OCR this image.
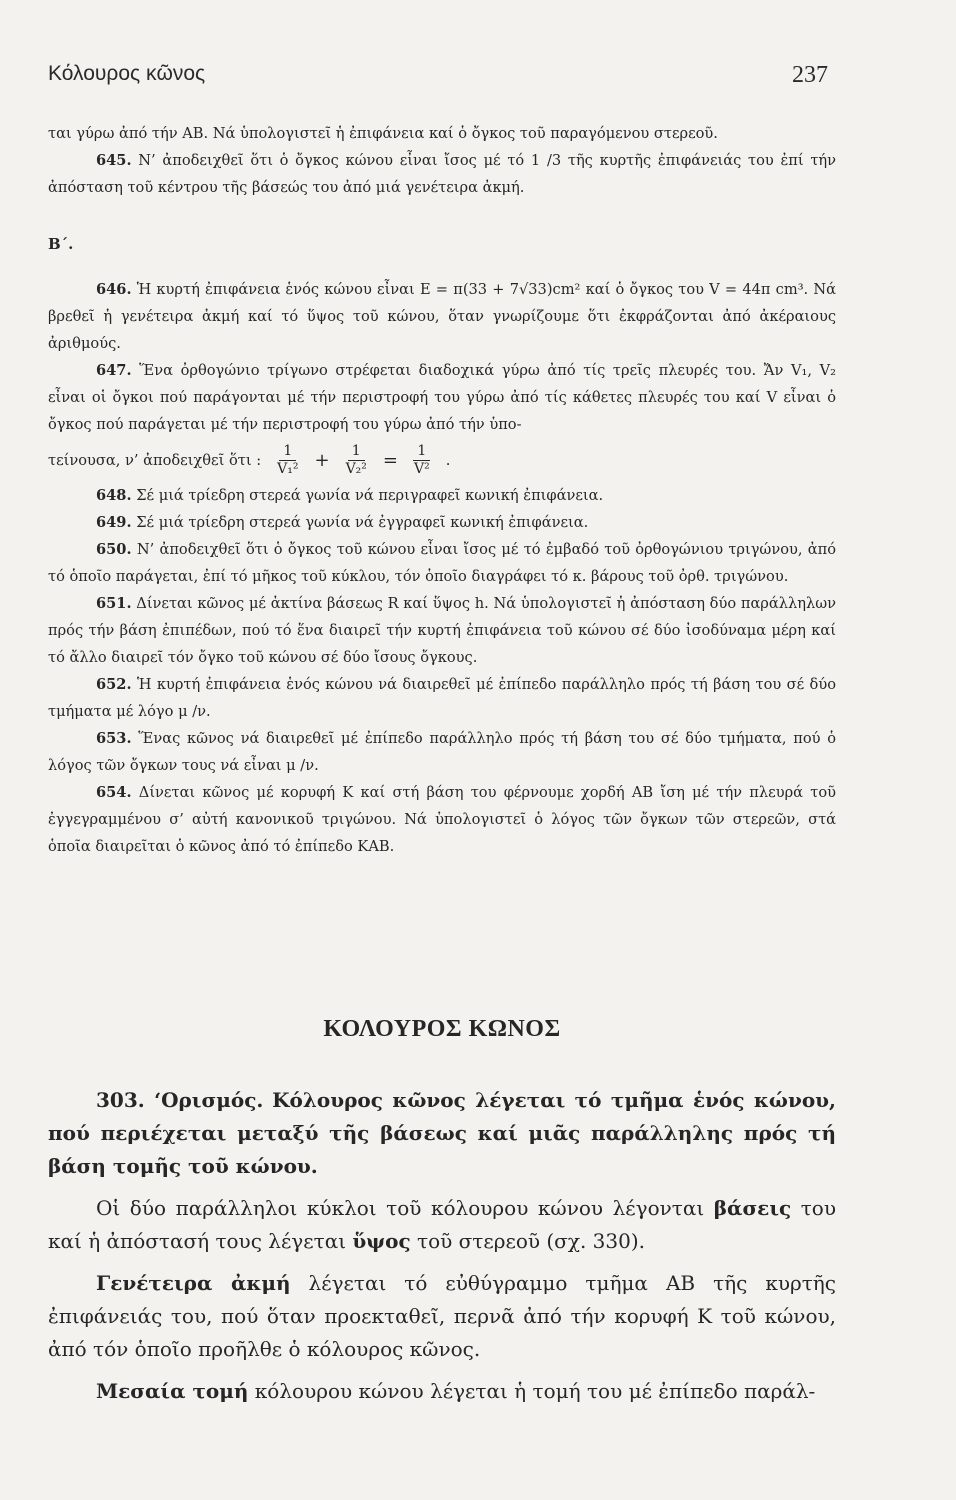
Κόλουρος κῶνος	237

ται γύρω ἀπό τήν ΑΒ. Νά ὑπολογιστεῖ ἡ ἐπιφάνεια καί ὁ ὄγκος τοῦ παραγόμενου στερεοῦ.

645. Ν’ ἀποδειχθεῖ ὅτι ὁ ὄγκος κώνου εἶναι ἴσος μέ τό 1 /3 τῆς κυρτῆς ἐπιφάνειάς του ἐπί τήν ἀπόσταση τοῦ κέντρου τῆς βάσεώς του ἀπό μιά γενέτειρα ἀκμή.

Β΄.

646. Ἡ κυρτή ἐπιφάνεια ἑνός κώνου εἶναι Ε = π(33 + 7√33)cm² καί ὁ ὄγκος του V = 44π cm³. Νά βρεθεῖ ἡ γενέτειρα ἀκμή καί τό ὕψος τοῦ κώνου, ὅταν γνωρίζουμε ὅτι ἐκφράζονται ἀπό ἀκέραιους ἀριθμούς.

647. Ἕνα ὀρθογώνιο τρίγωνο στρέφεται διαδοχικά γύρω ἀπό τίς τρεῖς πλευρές του. Ἄν V₁, V₂ εἶναι οἱ ὄγκοι πού παράγονται μέ τήν περιστροφή του γύρω ἀπό τίς κάθετες πλευρές του καί V εἶναι ὁ ὄγκος πού παράγεται μέ τήν περιστροφή του γύρω ἀπό τήν ὑπο-

τείνουσα, ν’ ἀποδειχθεῖ ὅτι : $\frac{1}{\text{V₁²}} + \frac{1}{\text{V₂²}} = \frac{1}{\text{V²}}$ .

648. Σέ μιά τρίεδρη στερεά γωνία νά περιγραφεῖ κωνική ἐπιφάνεια.

649. Σέ μιά τρίεδρη στερεά γωνία νά ἐγγραφεῖ κωνική ἐπιφάνεια.

650. Ν’ ἀποδειχθεῖ ὅτι ὁ ὄγκος τοῦ κώνου εἶναι ἴσος μέ τό ἐμβαδό τοῦ ὀρθογώνιου τριγώνου, ἀπό τό ὁποῖο παράγεται, ἐπί τό μῆκος τοῦ κύκλου, τόν ὁποῖο διαγράφει τό κ. βάρους τοῦ ὀρθ. τριγώνου.

651. Δίνεται κῶνος μέ ἀκτίνα βάσεως R καί ὕψος h. Νά ὑπολογιστεῖ ἡ ἀπόσταση δύο παράλληλων πρός τήν βάση ἐπιπέδων, πού τό ἕνα διαιρεῖ τήν κυρτή ἐπιφάνεια τοῦ κώνου σέ δύο ἰσοδύναμα μέρη καί τό ἄλλο διαιρεῖ τόν ὄγκο τοῦ κώνου σέ δύο ἴσους ὄγκους.

652. Ἡ κυρτή ἐπιφάνεια ἑνός κώνου νά διαιρεθεῖ μέ ἐπίπεδο παράλληλο πρός τή βάση του σέ δύο τμήματα μέ λόγο μ /ν.

653. Ἕνας κῶνος νά διαιρεθεῖ μέ ἐπίπεδο παράλληλο πρός τή βάση του σέ δύο τμήματα, πού ὁ λόγος τῶν ὄγκων τους νά εἶναι μ /ν.

654. Δίνεται κῶνος μέ κορυφή Κ καί στή βάση του φέρνουμε χορδή ΑΒ ἴση μέ τήν πλευρά τοῦ ἐγγεγραμμένου σ’ αὐτή κανονικοῦ τριγώνου. Νά ὑπολογιστεῖ ὁ λόγος τῶν ὄγκων τῶν στερεῶν, στά ὁποῖα διαιρεῖται ὁ κῶνος ἀπό τό ἐπίπεδο ΚΑΒ.

ΚΟΛΟΥΡΟΣ ΚΩΝΟΣ

303. ‘Ορισμός. Κόλουρος κῶνος λέγεται τό τμῆμα ἑνός κώνου, πού περιέχεται μεταξύ τῆς βάσεως καί μιᾶς παράλληλης πρός τή βάση τομῆς τοῦ κώνου.

Οἱ δύο παράλληλοι κύκλοι τοῦ κόλουρου κώνου λέγονται βάσεις του καί ἡ ἀπόστασή τους λέγεται ὕψος τοῦ στερεοῦ (σχ. 330).

Γενέτειρα ἀκμή λέγεται τό εὐθύγραμμο τμῆμα ΑΒ τῆς κυρτῆς ἐπιφάνειάς του, πού ὅταν προεκταθεῖ, περνᾶ ἀπό τήν κορυφή Κ τοῦ κώνου, ἀπό τόν ὁποῖο προῆλθε ὁ κόλουρος κῶνος.

Μεσαία τομή κόλουρου κώνου λέγεται ἡ τομή του μέ ἐπίπεδο παράλ-
